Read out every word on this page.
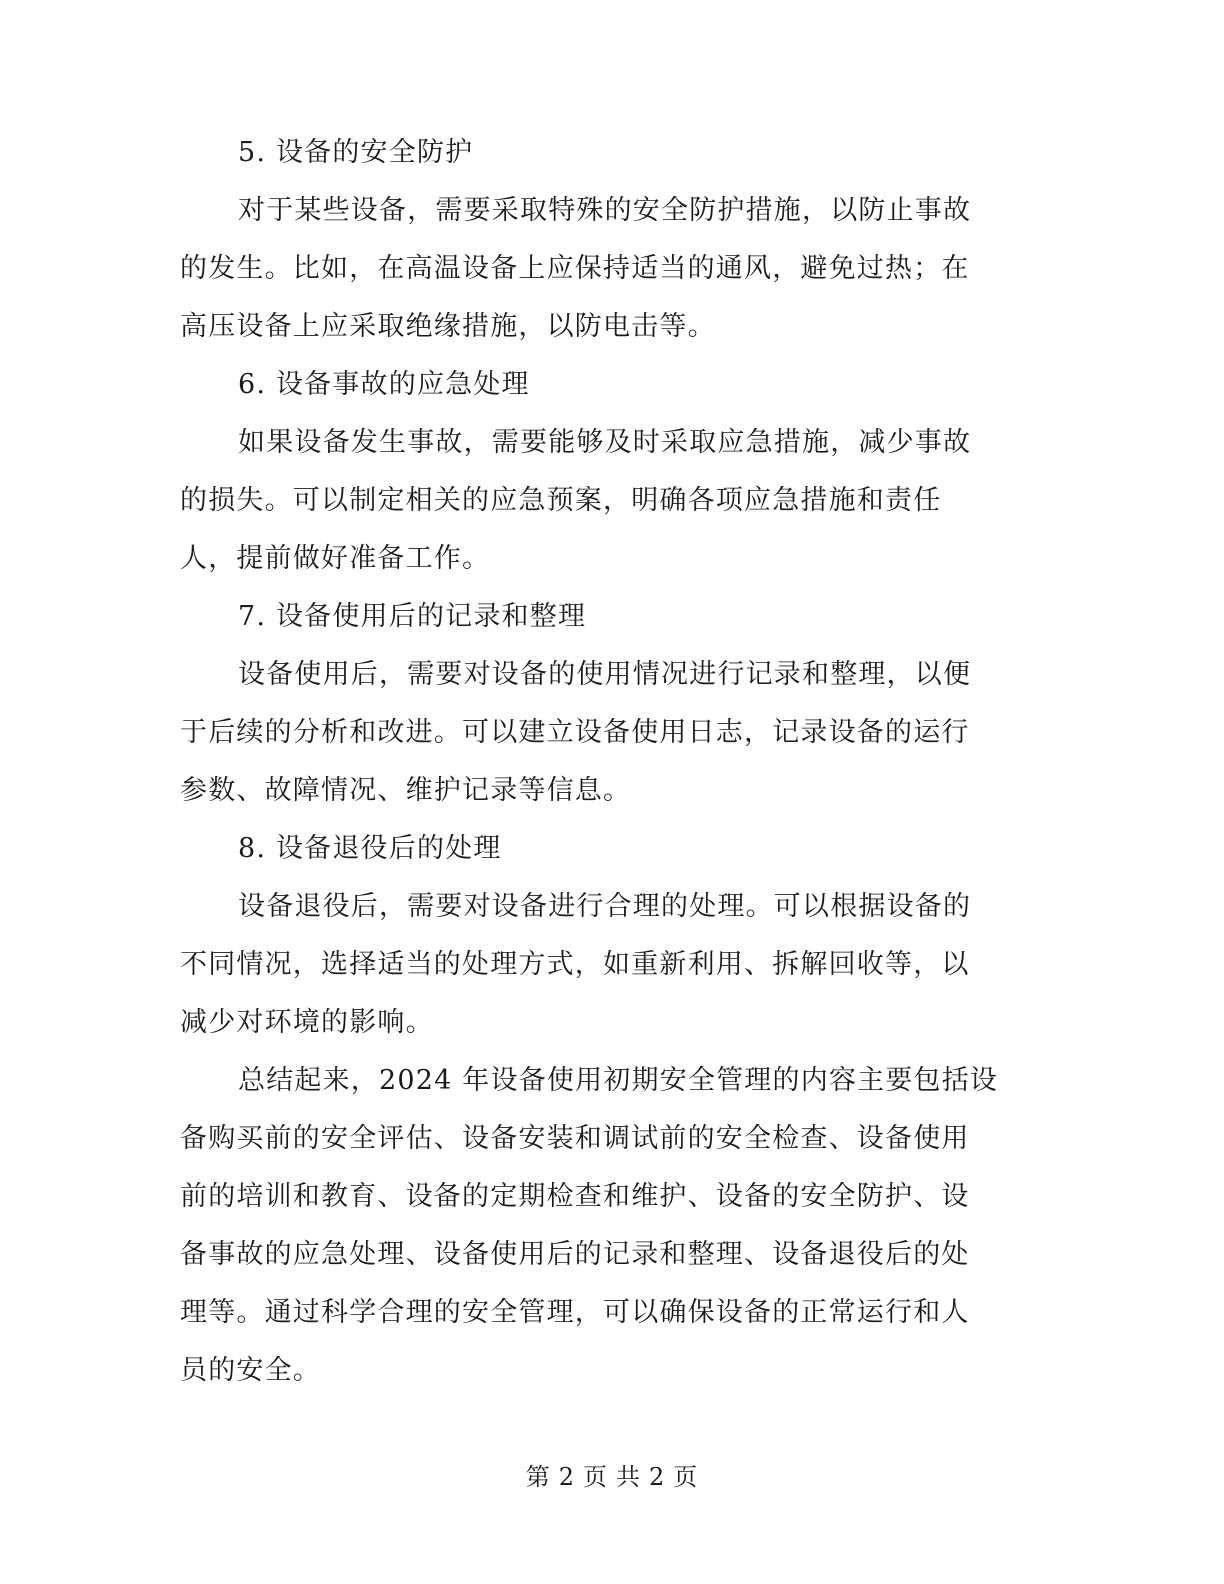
5. 设备的安全防护
对于某些设备，需要采取特殊的安全防护措施，以防止事故
的发生。比如，在高温设备上应保持适当的通风，避免过热；在
高压设备上应采取绝缘措施，以防电击等。
6. 设备事故的应急处理
如果设备发生事故，需要能够及时采取应急措施，减少事故
的损失。可以制定相关的应急预案，明确各项应急措施和责任
人，提前做好准备工作。
7. 设备使用后的记录和整理
设备使用后，需要对设备的使用情况进行记录和整理，以便
于后续的分析和改进。可以建立设备使用日志，记录设备的运行
参数、故障情况、维护记录等信息。
8. 设备退役后的处理
设备退役后，需要对设备进行合理的处理。可以根据设备的
不同情况，选择适当的处理方式，如重新利用、拆解回收等，以
减少对环境的影响。
总结起来，2024 年设备使用初期安全管理的内容主要包括设
备购买前的安全评估、设备安装和调试前的安全检查、设备使用
前的培训和教育、设备的定期检查和维护、设备的安全防护、设
备事故的应急处理、设备使用后的记录和整理、设备退役后的处
理等。通过科学合理的安全管理，可以确保设备的正常运行和人
员的安全。
第 2 页 共 2 页
